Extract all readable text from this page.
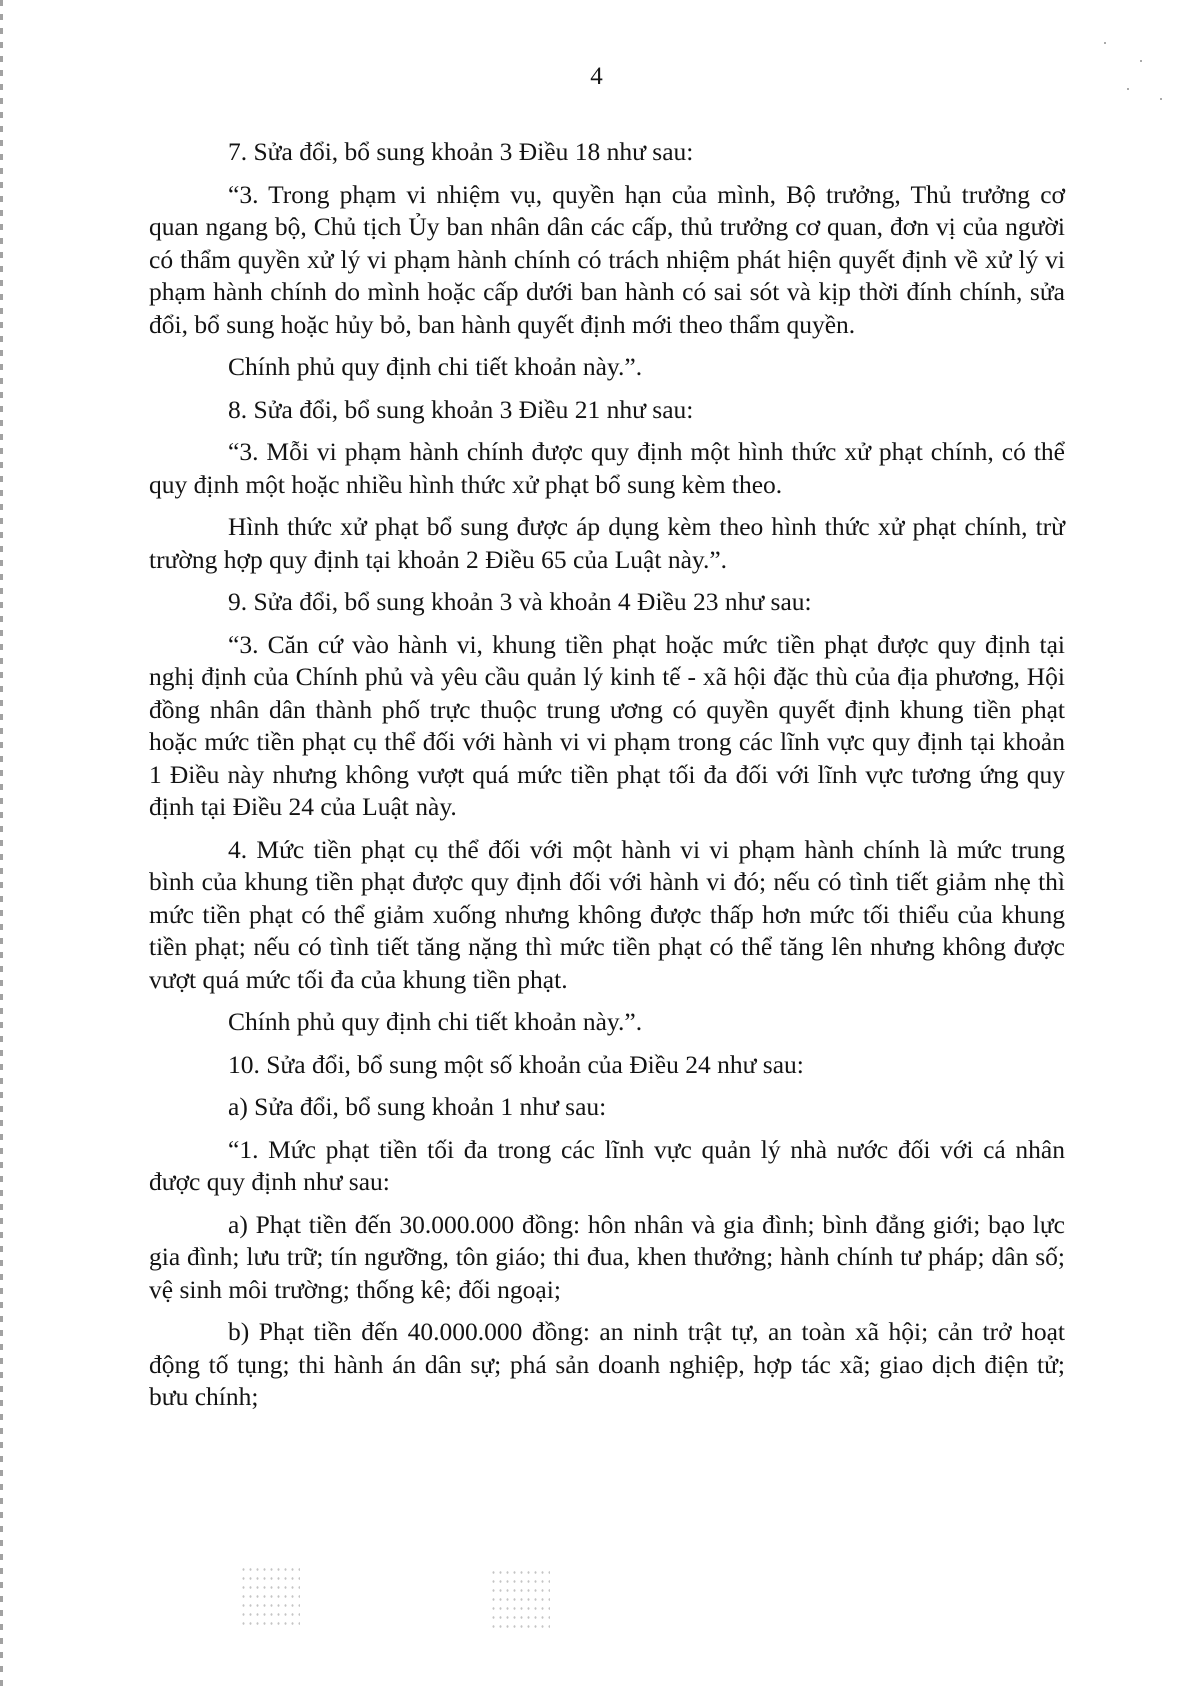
4

7. Sửa đổi, bổ sung khoản 3 Điều 18 như sau:

“3. Trong phạm vi nhiệm vụ, quyền hạn của mình, Bộ trưởng, Thủ trưởng cơ quan ngang bộ, Chủ tịch Ủy ban nhân dân các cấp, thủ trưởng cơ quan, đơn vị của người có thẩm quyền xử lý vi phạm hành chính có trách nhiệm phát hiện quyết định về xử lý vi phạm hành chính do mình hoặc cấp dưới ban hành có sai sót và kịp thời đính chính, sửa đổi, bổ sung hoặc hủy bỏ, ban hành quyết định mới theo thẩm quyền.

Chính phủ quy định chi tiết khoản này.”.

8. Sửa đổi, bổ sung khoản 3 Điều 21 như sau:

“3. Mỗi vi phạm hành chính được quy định một hình thức xử phạt chính, có thể quy định một hoặc nhiều hình thức xử phạt bổ sung kèm theo.

Hình thức xử phạt bổ sung được áp dụng kèm theo hình thức xử phạt chính, trừ trường hợp quy định tại khoản 2 Điều 65 của Luật này.”.

9. Sửa đổi, bổ sung khoản 3 và khoản 4 Điều 23 như sau:

“3. Căn cứ vào hành vi, khung tiền phạt hoặc mức tiền phạt được quy định tại nghị định của Chính phủ và yêu cầu quản lý kinh tế - xã hội đặc thù của địa phương, Hội đồng nhân dân thành phố trực thuộc trung ương có quyền quyết định khung tiền phạt hoặc mức tiền phạt cụ thể đối với hành vi vi phạm trong các lĩnh vực quy định tại khoản 1 Điều này nhưng không vượt quá mức tiền phạt tối đa đối với lĩnh vực tương ứng quy định tại Điều 24 của Luật này.

4. Mức tiền phạt cụ thể đối với một hành vi vi phạm hành chính là mức trung bình của khung tiền phạt được quy định đối với hành vi đó; nếu có tình tiết giảm nhẹ thì mức tiền phạt có thể giảm xuống nhưng không được thấp hơn mức tối thiểu của khung tiền phạt; nếu có tình tiết tăng nặng thì mức tiền phạt có thể tăng lên nhưng không được vượt quá mức tối đa của khung tiền phạt.

Chính phủ quy định chi tiết khoản này.”.

10. Sửa đổi, bổ sung một số khoản của Điều 24 như sau:

a) Sửa đổi, bổ sung khoản 1 như sau:

“1. Mức phạt tiền tối đa trong các lĩnh vực quản lý nhà nước đối với cá nhân được quy định như sau:

a) Phạt tiền đến 30.000.000 đồng: hôn nhân và gia đình; bình đẳng giới; bạo lực gia đình; lưu trữ; tín ngưỡng, tôn giáo; thi đua, khen thưởng; hành chính tư pháp; dân số; vệ sinh môi trường; thống kê; đối ngoại;

b) Phạt tiền đến 40.000.000 đồng: an ninh trật tự, an toàn xã hội; cản trở hoạt động tố tụng; thi hành án dân sự; phá sản doanh nghiệp, hợp tác xã; giao dịch điện tử; bưu chính;
